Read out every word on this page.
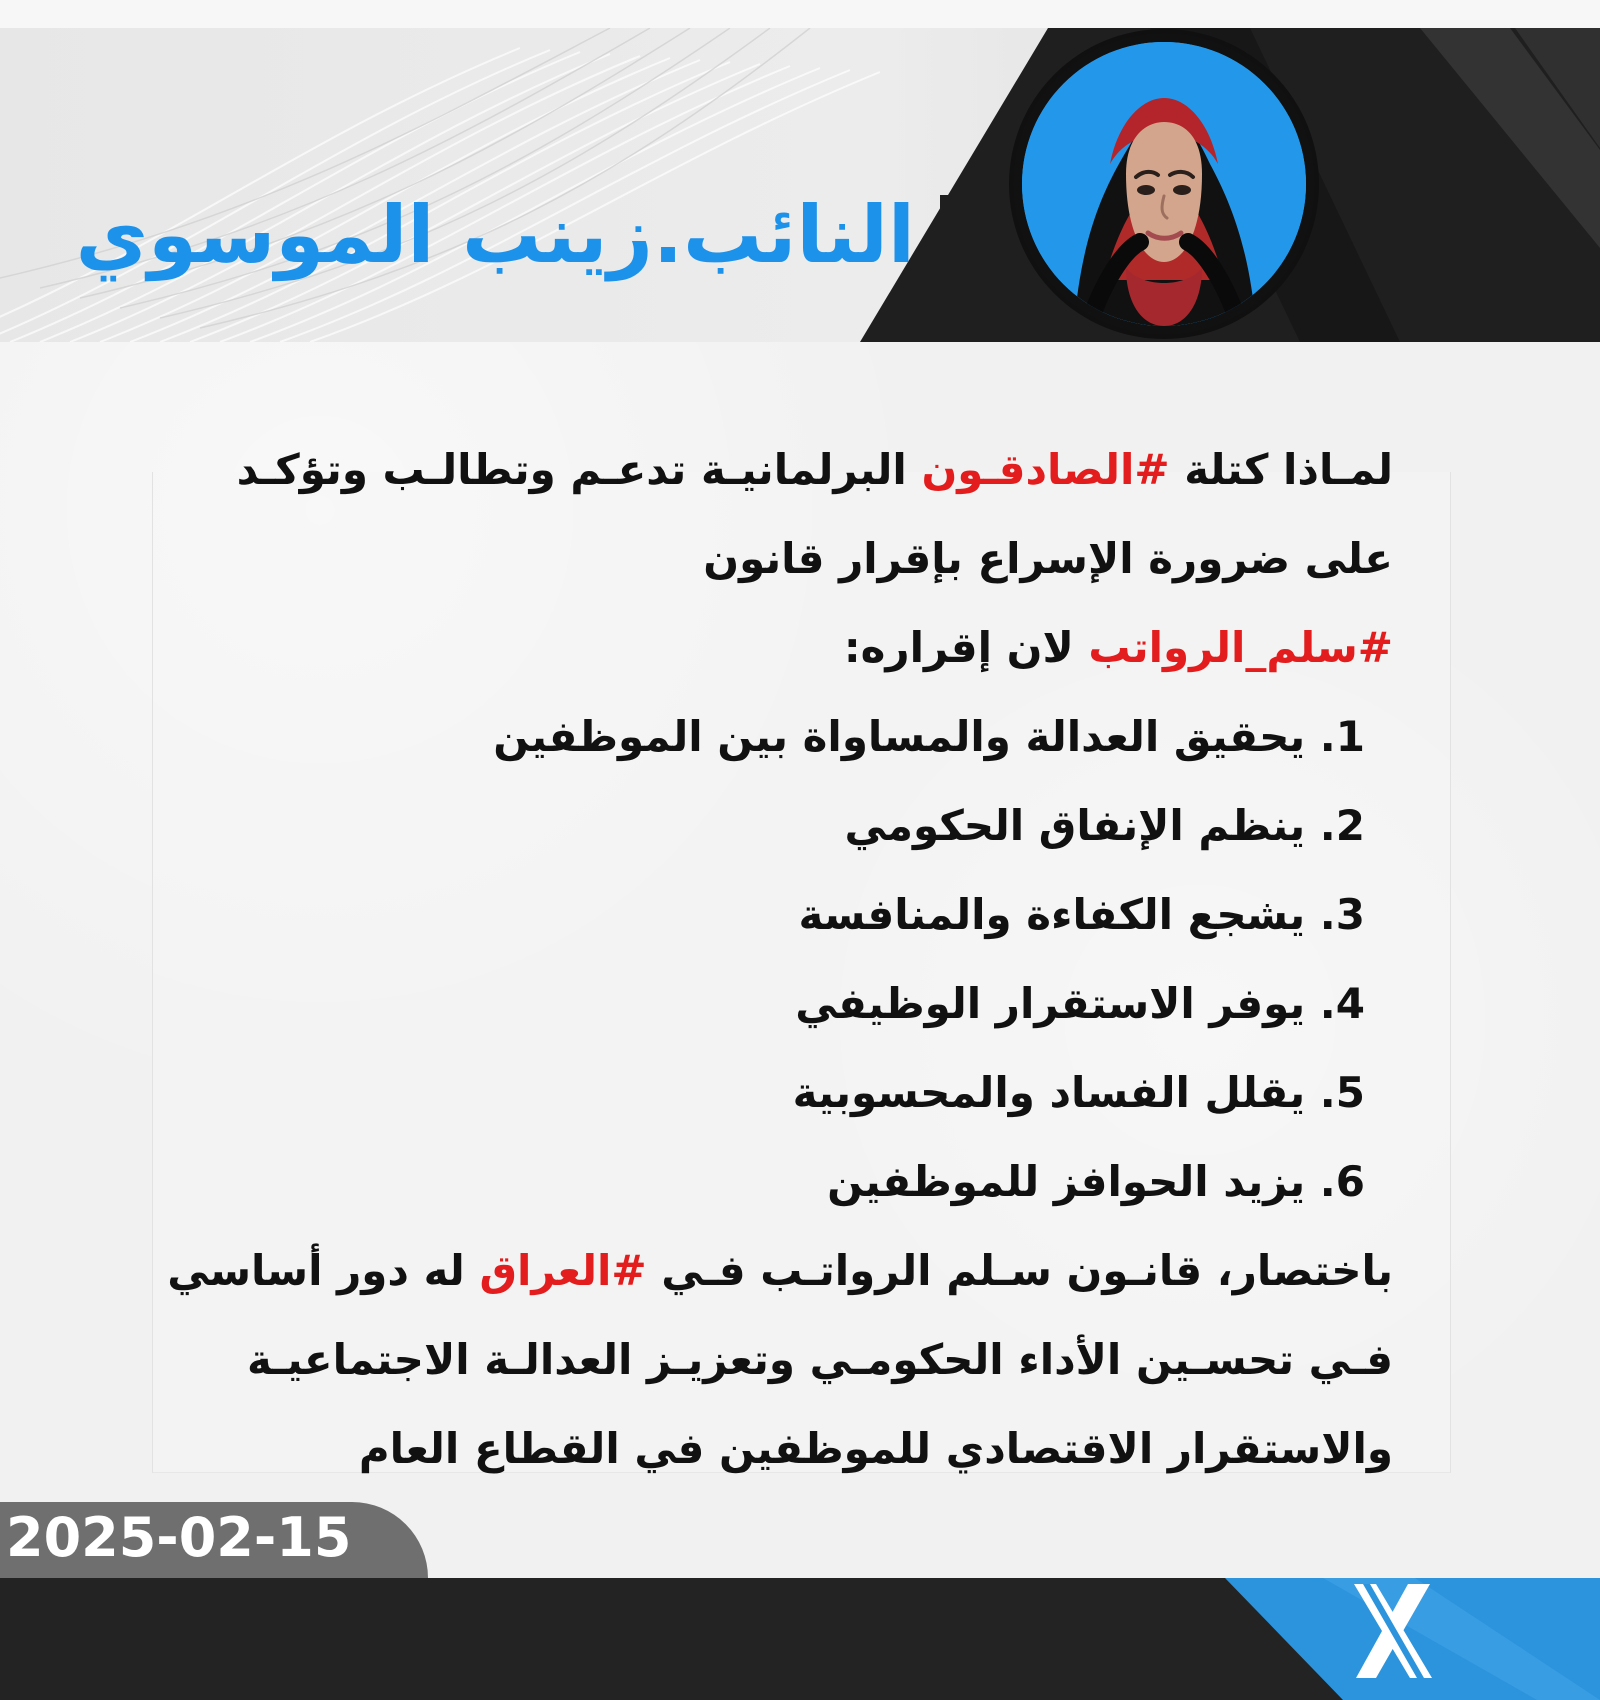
النائب.زينب الموسوي
لمـاذا كتلة #الصادقـون البرلمانيـة تدعـم وتطالـب وتؤكـد
على ضرورة الإسراع بإقرار قانون
#سلم_الرواتب لان إقراره:
1. يحقيق العدالة والمساواة بين الموظفين
2. ينظم الإنفاق الحكومي
3. يشجع الكفاءة والمنافسة
4. يوفر الاستقرار الوظيفي
5. يقلل الفساد والمحسوبية
6. يزيد الحوافز للموظفين
باختصار، قانـون سـلم الرواتـب فـي #العراق له دور أساسي
فـي تحسـين الأداء الحكومـي وتعزيـز العدالـة الاجتماعيـة
والاستقرار الاقتصادي للموظفين في القطاع العام
2025-02-15
